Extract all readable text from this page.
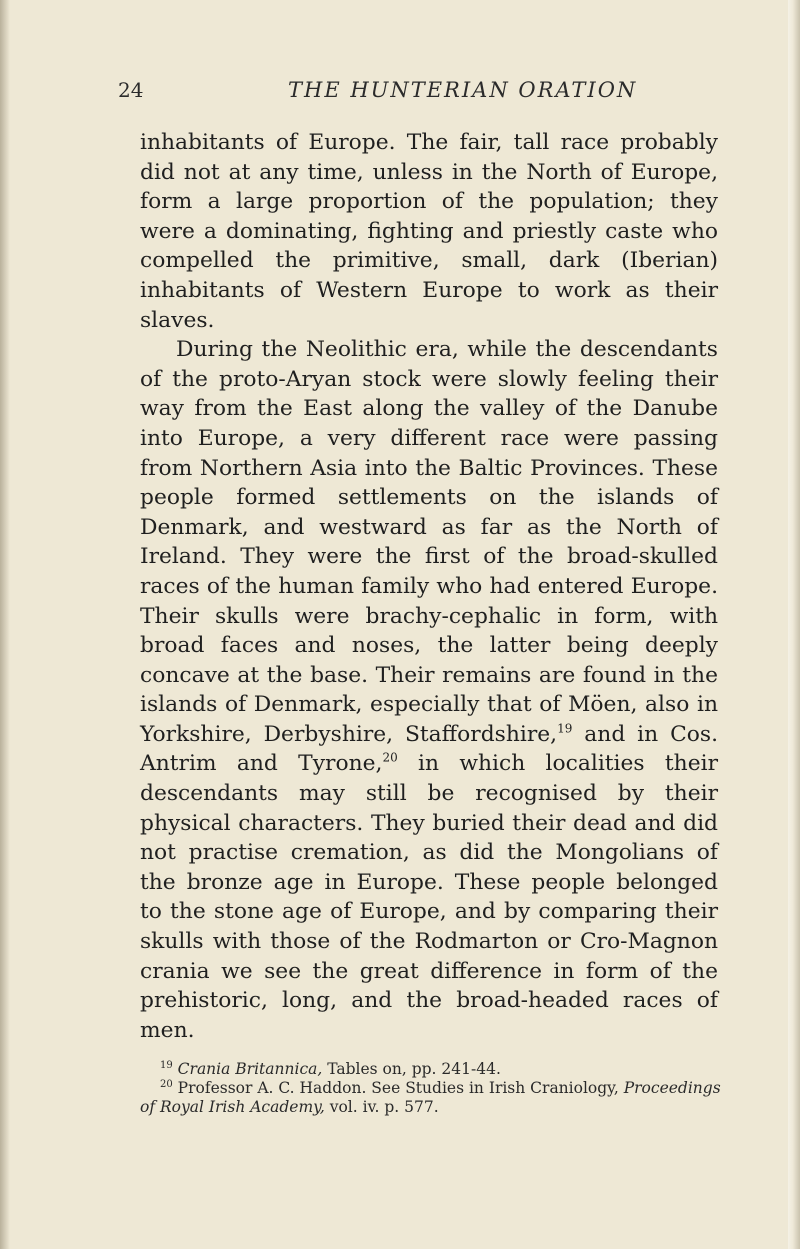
24	THE HUNTERIAN ORATION

inhabitants of Europe. The fair, tall race probably did not at any time, unless in the North of Europe, form a large proportion of the population; they were a dominating, fighting and priestly caste who compelled the primitive, small, dark (Iberian) inhabitants of Western Europe to work as their slaves.

During the Neolithic era, while the descendants of the proto-Aryan stock were slowly feeling their way from the East along the valley of the Danube into Europe, a very different race were passing from Northern Asia into the Baltic Provinces. These people formed settlements on the islands of Denmark, and westward as far as the North of Ireland. They were the first of the broad-skulled races of the human family who had entered Europe. Their skulls were brachy-cephalic in form, with broad faces and noses, the latter being deeply concave at the base. Their remains are found in the islands of Denmark, especially that of Möen, also in Yorkshire, Derbyshire, Staffordshire,$^{19}$ and in Cos. Antrim and Tyrone,$^{20}$ in which localities their descendants may still be recognised by their physical characters. They buried their dead and did not practise cremation, as did the Mongolians of the bronze age in Europe. These people belonged to the stone age of Europe, and by comparing their skulls with those of the Rodmarton or Cro-Magnon crania we see the great difference in form of the prehistoric, long, and the broad-headed races of men.

$^{19}$ Crania Britannica, Tables on, pp. 241-44.

$^{20}$ Professor A. C. Haddon. See Studies in Irish Craniology, Proceedings of Royal Irish Academy, vol. iv. p. 577.
